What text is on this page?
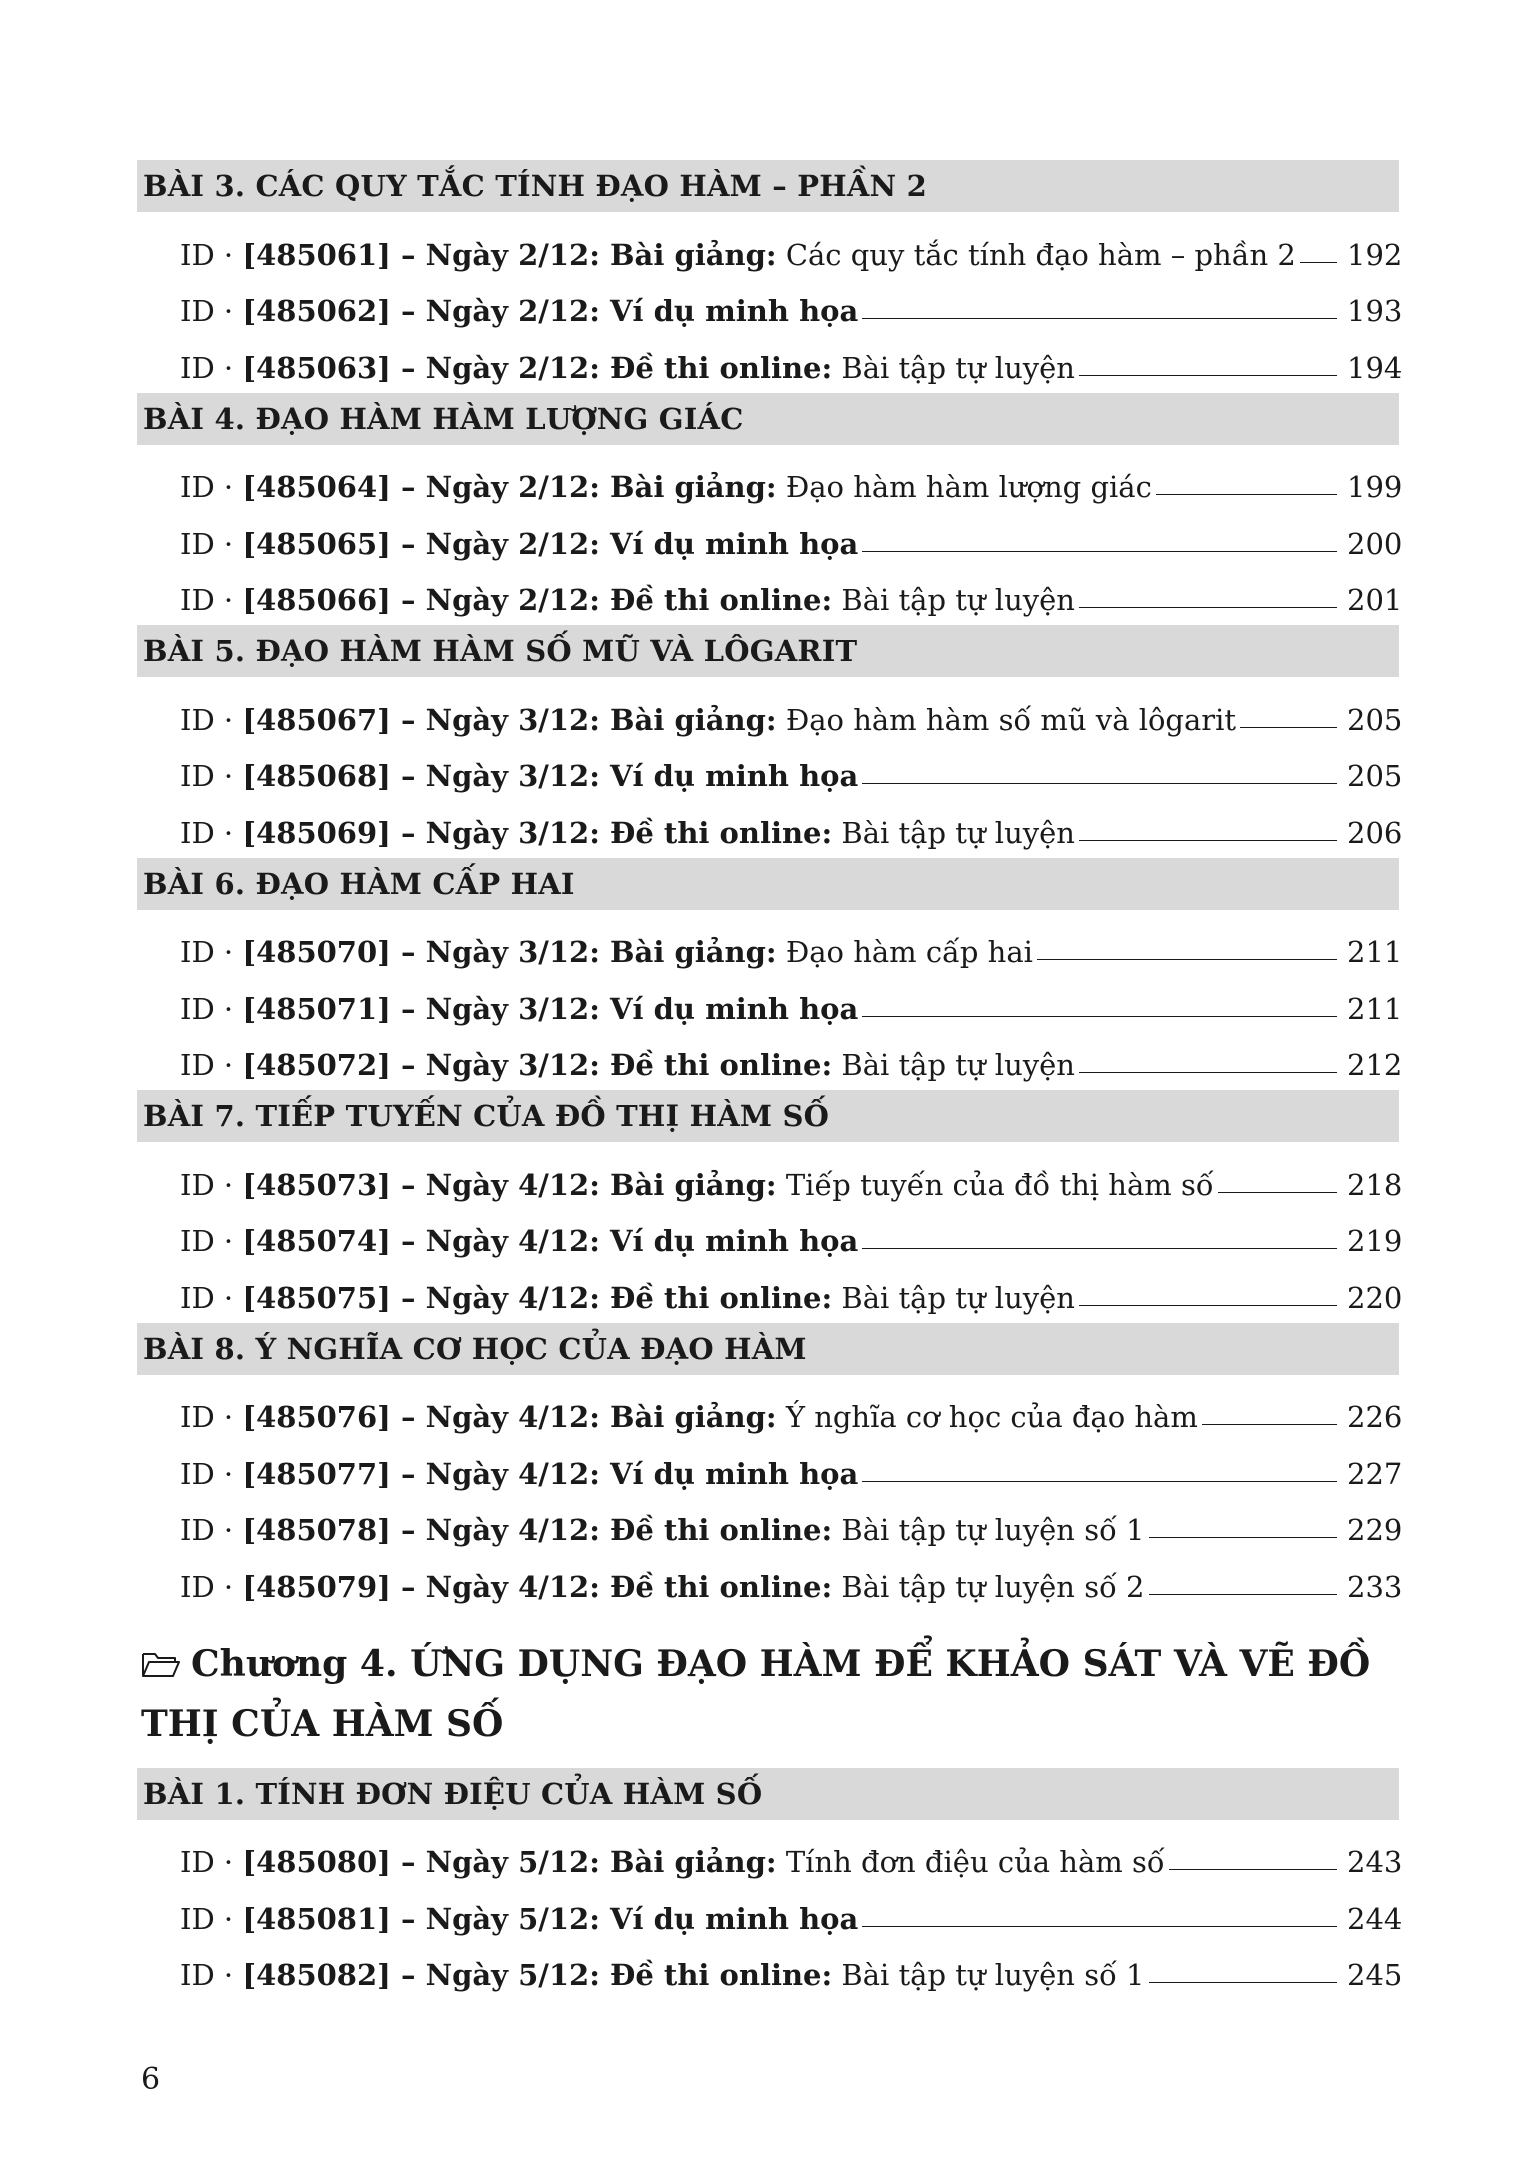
BÀI 3. CÁC QUY TẮC TÍNH ĐẠO HÀM – PHẦN 2
ID · [485061] – Ngày 2/12: Bài giảng: Các quy tắc tính đạo hàm – phần 2 192
ID · [485062] – Ngày 2/12: Ví dụ minh họa	193
ID · [485063] – Ngày 2/12: Đề thi online: Bài tập tự luyện	194
BÀI 4. ĐẠO HÀM HÀM LƯỢNG GIÁC
ID · [485064] – Ngày 2/12: Bài giảng: Đạo hàm hàm lượng giác	199
ID · [485065] – Ngày 2/12: Ví dụ minh họa	200
ID · [485066] – Ngày 2/12: Đề thi online: Bài tập tự luyện	201
BÀI 5. ĐẠO HÀM HÀM SỐ MŨ VÀ LÔGARIT
ID · [485067] – Ngày 3/12: Bài giảng: Đạo hàm hàm số mũ và lôgarit	205
ID · [485068] – Ngày 3/12: Ví dụ minh họa	205
ID · [485069] – Ngày 3/12: Đề thi online: Bài tập tự luyện	206
BÀI 6. ĐẠO HÀM CẤP HAI
ID · [485070] – Ngày 3/12: Bài giảng: Đạo hàm cấp hai	211
ID · [485071] – Ngày 3/12: Ví dụ minh họa	211
ID · [485072] – Ngày 3/12: Đề thi online: Bài tập tự luyện	212
BÀI 7. TIẾP TUYẾN CỦA ĐỒ THỊ HÀM SỐ
ID · [485073] – Ngày 4/12: Bài giảng: Tiếp tuyến của đồ thị hàm số	218
ID · [485074] – Ngày 4/12: Ví dụ minh họa	219
ID · [485075] – Ngày 4/12: Đề thi online: Bài tập tự luyện	220
BÀI 8. Ý NGHĨA CƠ HỌC CỦA ĐẠO HÀM
ID · [485076] – Ngày 4/12: Bài giảng: Ý nghĩa cơ học của đạo hàm	226
ID · [485077] – Ngày 4/12: Ví dụ minh họa	227
ID · [485078] – Ngày 4/12: Đề thi online: Bài tập tự luyện số 1	229
ID · [485079] – Ngày 4/12: Đề thi online: Bài tập tự luyện số 2	233
Chương 4. ỨNG DỤNG ĐẠO HÀM ĐỂ KHẢO SÁT VÀ VẼ ĐỒ THỊ CỦA HÀM SỐ
BÀI 1. TÍNH ĐƠN ĐIỆU CỦA HÀM SỐ
ID · [485080] – Ngày 5/12: Bài giảng: Tính đơn điệu của hàm số	243
ID · [485081] – Ngày 5/12: Ví dụ minh họa	244
ID · [485082] – Ngày 5/12: Đề thi online: Bài tập tự luyện số 1	245
6
